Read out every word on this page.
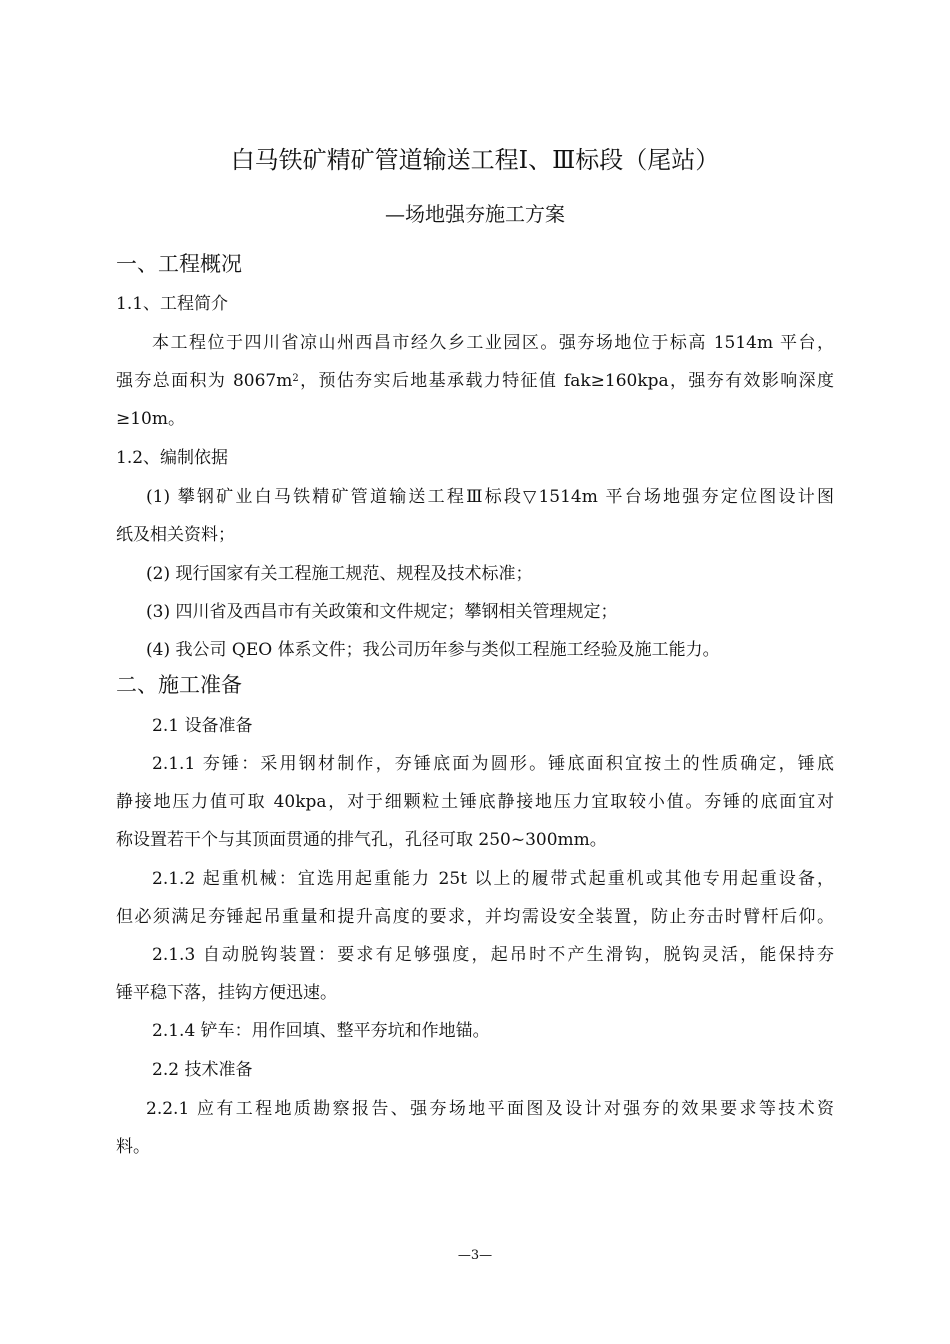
白马铁矿精矿管道输送工程Ⅰ、Ⅲ标段（尾站）
—场地强夯施工方案
一、工程概况
1.1、工程简介
本工程位于四川省凉山州西昌市经久乡工业园区。强夯场地位于标高 1514m 平台，
强夯总面积为 $8067m^2$，预估夯实后地基承载力特征值 fak≥160kpa，强夯有效影响深度
≥10m。
1.2、编制依据
(1) 攀钢矿业白马铁精矿管道输送工程Ⅲ标段▽1514m 平台场地强夯定位图设计图
纸及相关资料；
(2) 现行国家有关工程施工规范、规程及技术标准；
(3) 四川省及西昌市有关政策和文件规定；攀钢相关管理规定；
(4) 我公司 QEO 体系文件；我公司历年参与类似工程施工经验及施工能力。
二、施工准备
2.1 设备准备
2.1.1 夯锤：采用钢材制作，夯锤底面为圆形。锤底面积宜按土的性质确定，锤底
静接地压力值可取 40kpa，对于细颗粒土锤底静接地压力宜取较小值。夯锤的底面宜对
称设置若干个与其顶面贯通的排气孔，孔径可取 250~300mm。
2.1.2 起重机械：宜选用起重能力 25t 以上的履带式起重机或其他专用起重设备，
但必须满足夯锤起吊重量和提升高度的要求，并均需设安全装置，防止夯击时臂杆后仰。
2.1.3 自动脱钩装置：要求有足够强度，起吊时不产生滑钩，脱钩灵活，能保持夯
锤平稳下落，挂钩方便迅速。
2.1.4 铲车：用作回填、整平夯坑和作地锚。
2.2 技术准备
2.2.1 应有工程地质勘察报告、强夯场地平面图及设计对强夯的效果要求等技术资
料。
—3—
